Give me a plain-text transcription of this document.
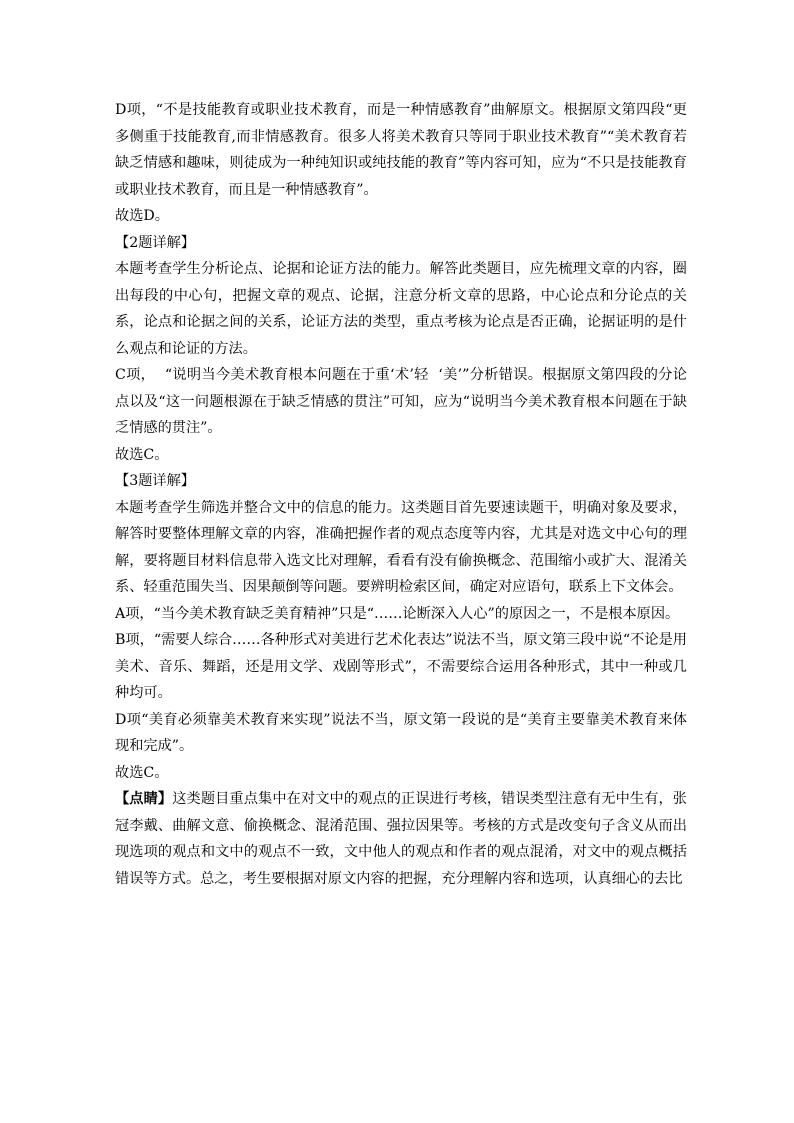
D项，“不是技能教育或职业技术教育，而是一种情感教育”曲解原文。根据原文第四段“更多侧重于技能教育,而非情感教育。很多人将美术教育只等同于职业技术教育”“美术教育若缺乏情感和趣味，则徒成为一种纯知识或纯技能的教育”等内容可知，应为“不只是技能教育或职业技术教育，而且是一种情感教育”。

故选D。

【2题详解】

本题考查学生分析论点、论据和论证方法的能力。解答此类题目，应先梳理文章的内容，圈出每段的中心句，把握文章的观点、论据，注意分析文章的思路，中心论点和分论点的关系，论点和论据之间的关系，论证方法的类型，重点考核为论点是否正确，论据证明的是什么观点和论证的方法。

C项，  “说明当今美术教育根本问题在于重‘术’轻  ‘美’”分析错误。根据原文第四段的分论点以及“这一问题根源在于缺乏情感的贯注”可知，应为“说明当今美术教育根本问题在于缺乏情感的贯注”。

故选C。

【3题详解】

本题考查学生筛选并整合文中的信息的能力。这类题目首先要速读题干，明确对象及要求，解答时要整体理解文章的内容，准确把握作者的观点态度等内容，尤其是对选文中心句的理解，要将题目材料信息带入选文比对理解，看看有没有偷换概念、范围缩小或扩大、混淆关系、轻重范围失当、因果颠倒等问题。要辨明检索区间，确定对应语句，联系上下文体会。

A项，“当今美术教育缺乏美育精神”只是“……论断深入人心”的原因之一，不是根本原因。

B项，“需要人综合……各种形式对美进行艺术化表达”说法不当，原文第三段中说“不论是用美术、音乐、舞蹈，还是用文学、戏剧等形式”，不需要综合运用各种形式，其中一种或几种均可。

D项“美育必须靠美术教育来实现”说法不当，原文第一段说的是“美育主要靠美术教育来体现和完成”。

故选C。

【点睛】这类题目重点集中在对文中的观点的正误进行考核，错误类型注意有无中生有，张冠李戴、曲解文意、偷换概念、混淆范围、强拉因果等。考核的方式是改变句子含义从而出现选项的观点和文中的观点不一致，文中他人的观点和作者的观点混淆，对文中的观点概括错误等方式。总之，考生要根据对原文内容的把握，充分理解内容和选项，认真细心的去比
